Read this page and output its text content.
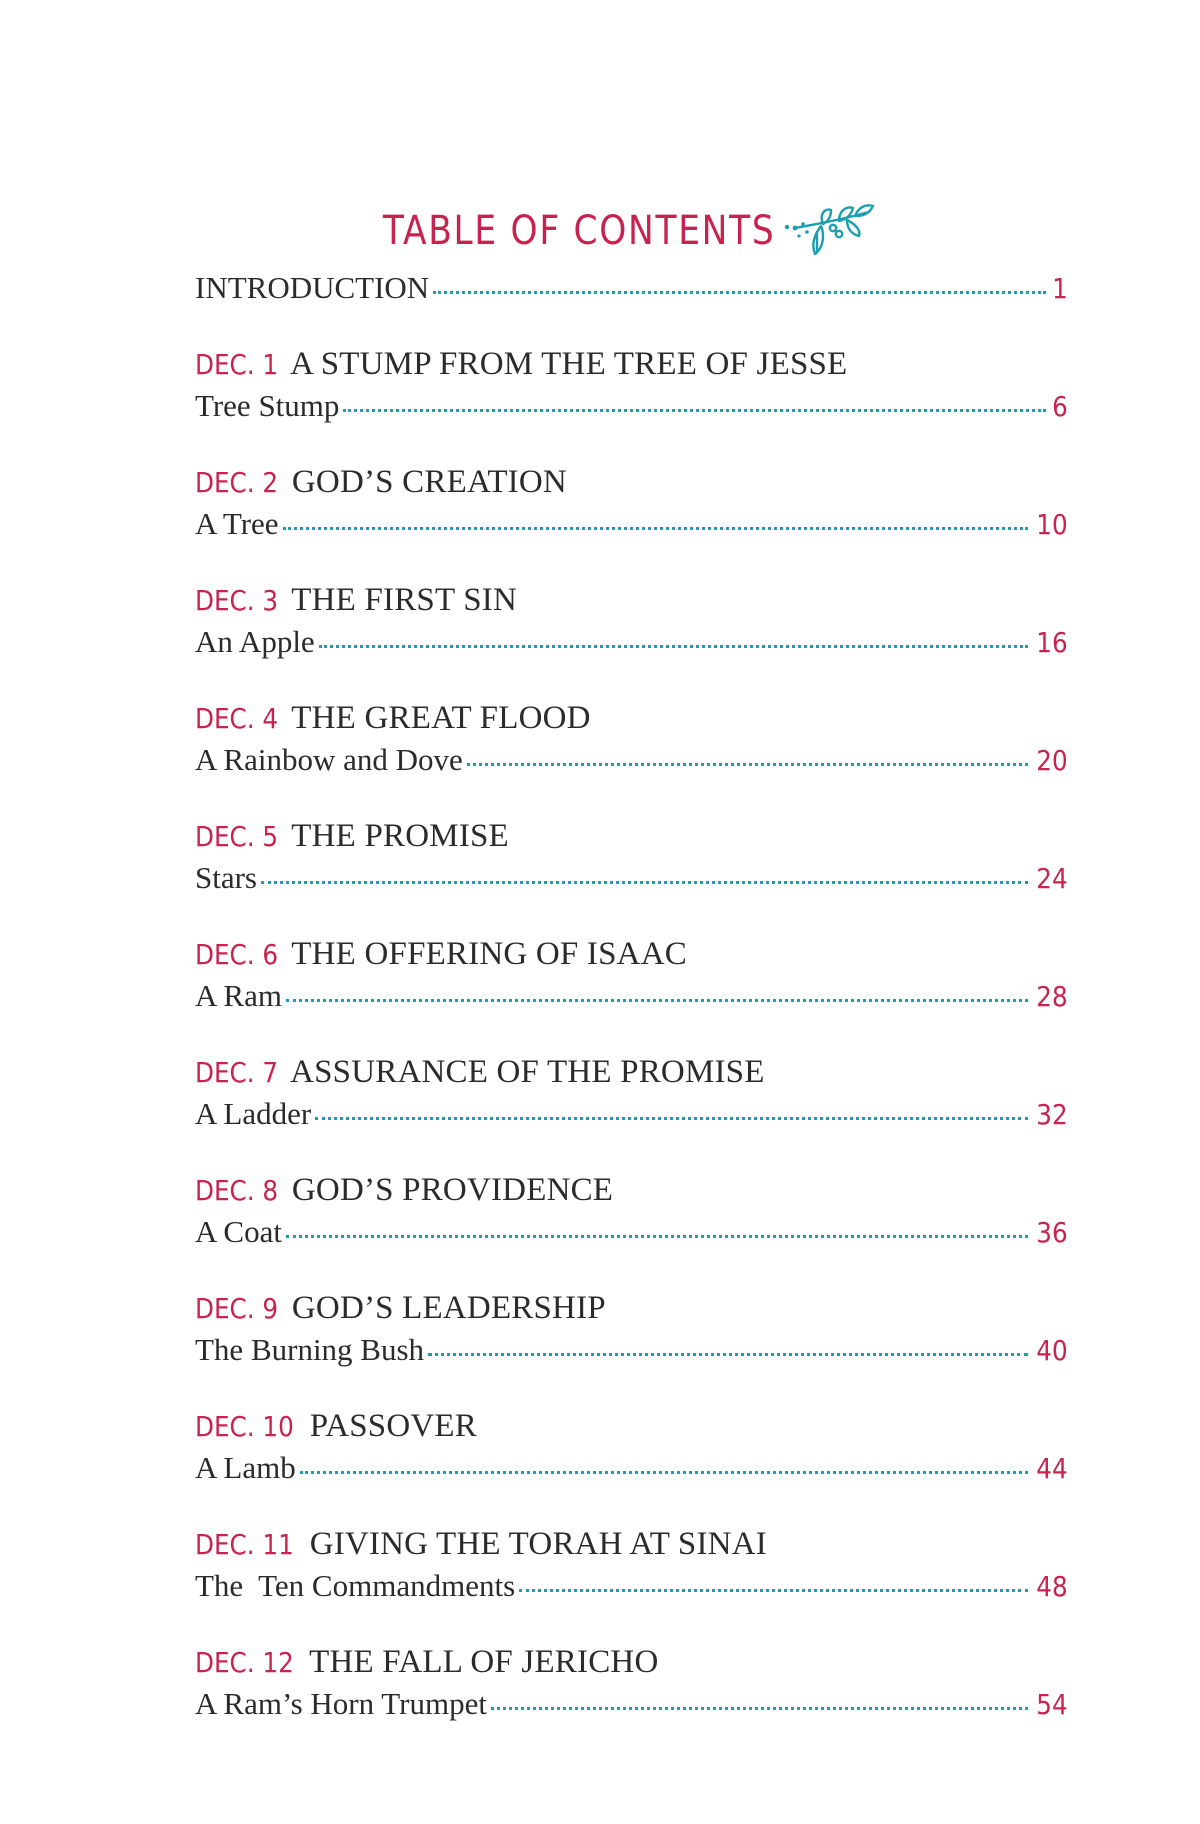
TABLE OF CONTENTS
INTRODUCTION	1
DEC. 1 A STUMP FROM THE TREE OF JESSE
Tree Stump	6
DEC. 2 GOD’S CREATION
A Tree	10
DEC. 3 THE FIRST SIN
An Apple	16
DEC. 4 THE GREAT FLOOD
A Rainbow and Dove	20
DEC. 5 THE PROMISE
Stars	24
DEC. 6 THE OFFERING OF ISAAC
A Ram	28
DEC. 7 ASSURANCE OF THE PROMISE
A Ladder	32
DEC. 8 GOD’S PROVIDENCE
A Coat	36
DEC. 9 GOD’S LEADERSHIP
The Burning Bush	40
DEC. 10 PASSOVER
A Lamb	44
DEC. 11 GIVING THE TORAH AT SINAI
The  Ten Commandments	48
DEC. 12 THE FALL OF JERICHO
A Ram’s Horn Trumpet	54
